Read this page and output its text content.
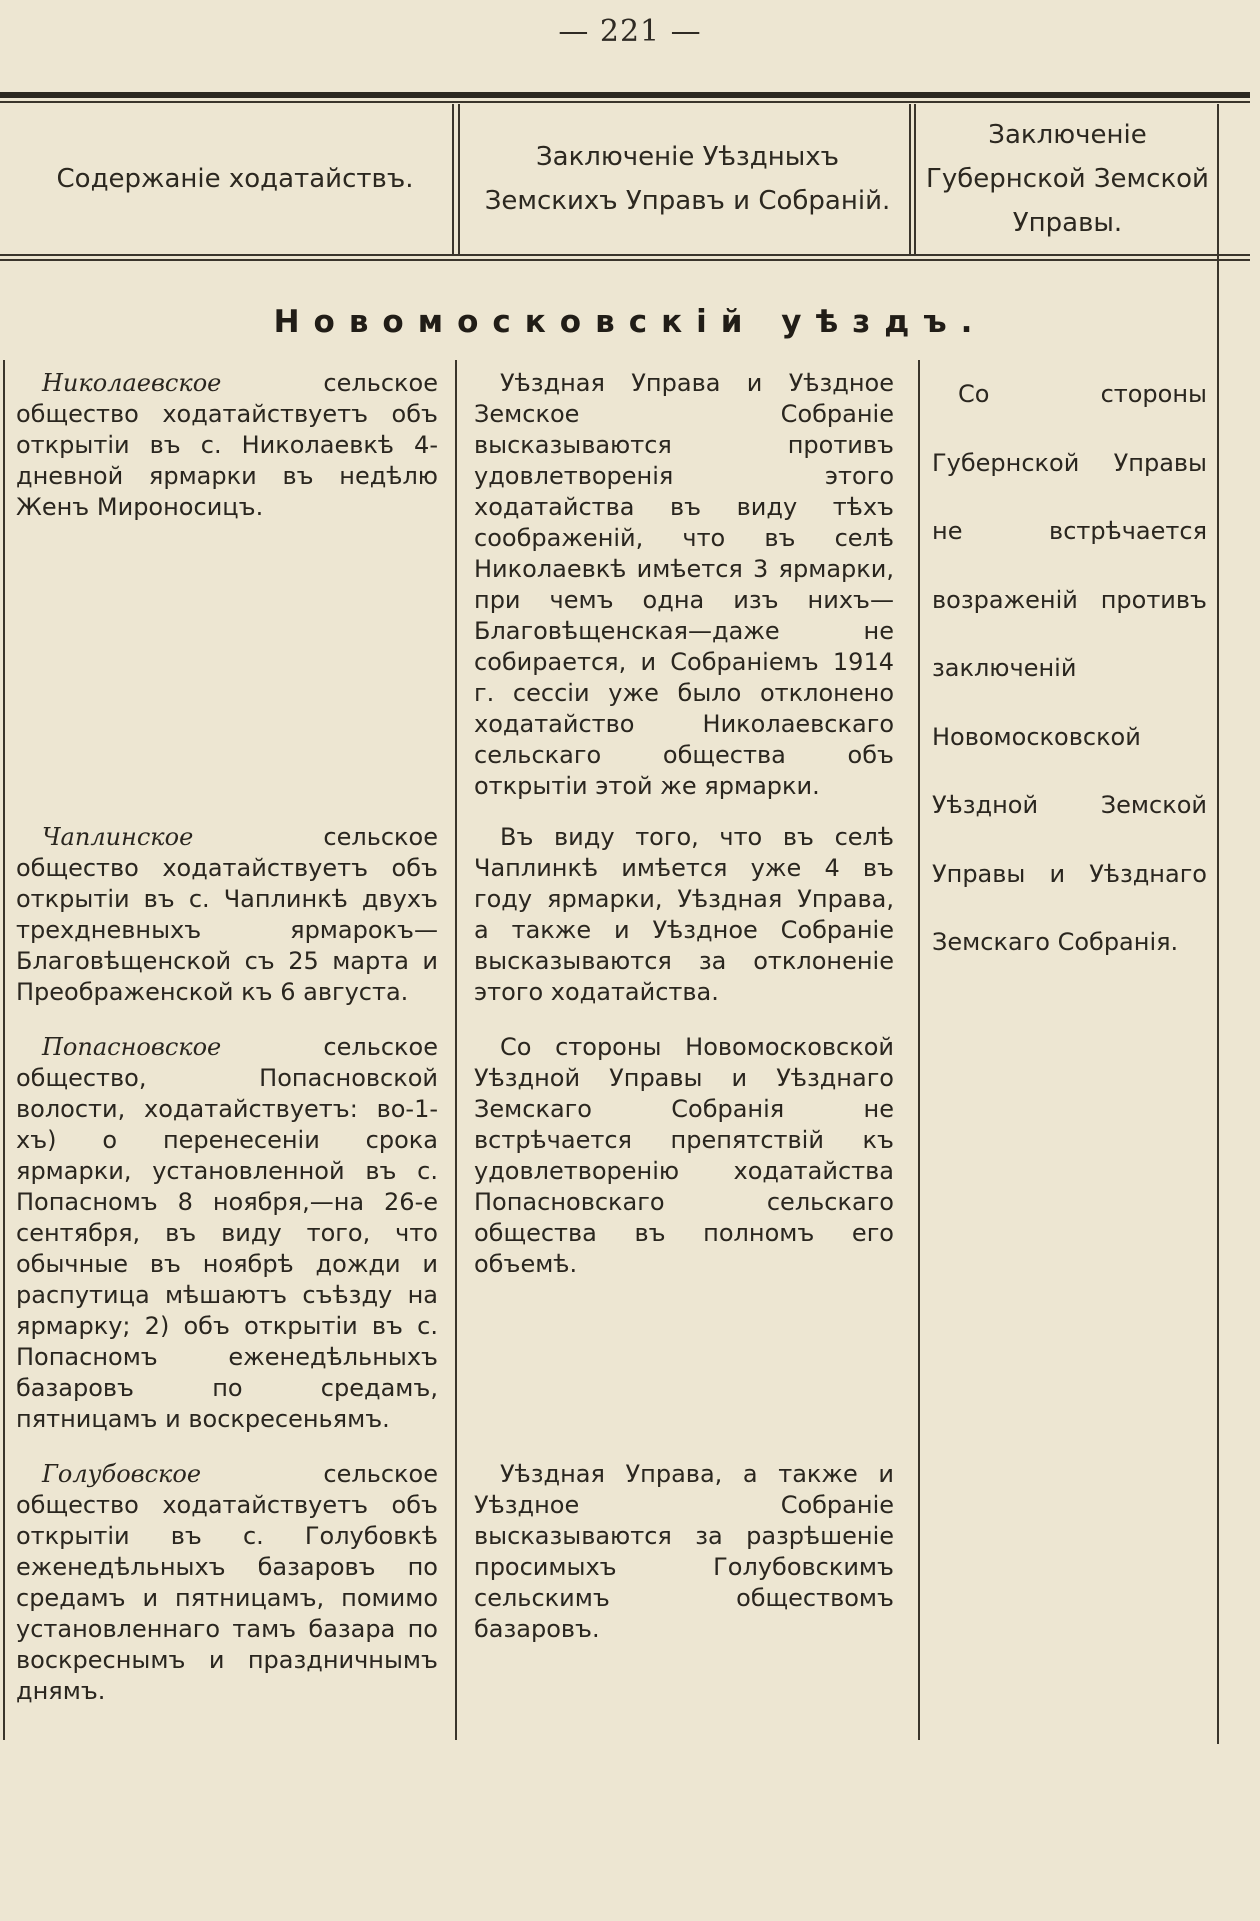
— 221 —
Содержаніе ходатайствъ.
Заключеніе Уѣздныхъ Земскихъ Управъ и Собраній.
Заключеніе Губернской Земской Управы.
Новомосковскій уѣздъ.

Николаевское сельское общество ходатайствуетъ объ открытіи въ с. Николаевкѣ 4-дневной ярмарки въ недѣлю Женъ Мироносицъ.

Чаплинское сельское общество ходатайствуетъ объ открытіи въ с. Чаплинкѣ двухъ трехдневныхъ ярмарокъ— Благовѣщенской съ 25 марта и Преображенской къ 6 августа.

Попасновское сельское общество, Попасновской волости, ходатайствуетъ: во-1-хъ) о перенесеніи срока ярмарки, установленной въ с. Попасномъ 8 ноября,—на 26-е сентября, въ виду того, что обычные въ ноябрѣ дожди и распутица мѣшаютъ съѣзду на ярмарку; 2) объ открытіи въ с. Попасномъ еженедѣльныхъ базаровъ по средамъ, пятницамъ и воскресеньямъ.

Голубовское сельское общество ходатайствуетъ объ открытіи въ с. Голубовкѣ еженедѣльныхъ базаровъ по средамъ и пятницамъ, помимо установленнаго тамъ базара по воскреснымъ и праздничнымъ днямъ.

Уѣздная Управа и Уѣздное Земское Собраніе высказываются противъ удовлетворенія этого ходатайства въ виду тѣхъ соображеній, что въ селѣ Николаевкѣ имѣется 3 ярмарки, при чемъ одна изъ нихъ— Благовѣщенская—даже не собирается, и Собраніемъ 1914 г. сессіи уже было отклонено ходатайство Николаевскаго сельскаго общества объ открытіи этой же ярмарки.

Въ виду того, что въ селѣ Чаплинкѣ имѣется уже 4 въ году ярмарки, Уѣздная Управа, а также и Уѣздное Собраніе высказываются за отклоненіе этого ходатайства.

Со стороны Новомосковской Уѣздной Управы и Уѣзднаго Земскаго Собранія не встрѣчается препятствій къ удовлетворенію ходатайства Попасновскаго сельскаго общества въ полномъ его объемѣ.

Уѣздная Управа, а также и Уѣздное Собраніе высказываются за разрѣшеніе просимыхъ Голубовскимъ сельскимъ обществомъ базаровъ.

Со стороны Губернской Управы не встрѣчается возраженій противъ заключеній Новомосковской Уѣздной Земской Управы и Уѣзднаго Земскаго Собранія.
